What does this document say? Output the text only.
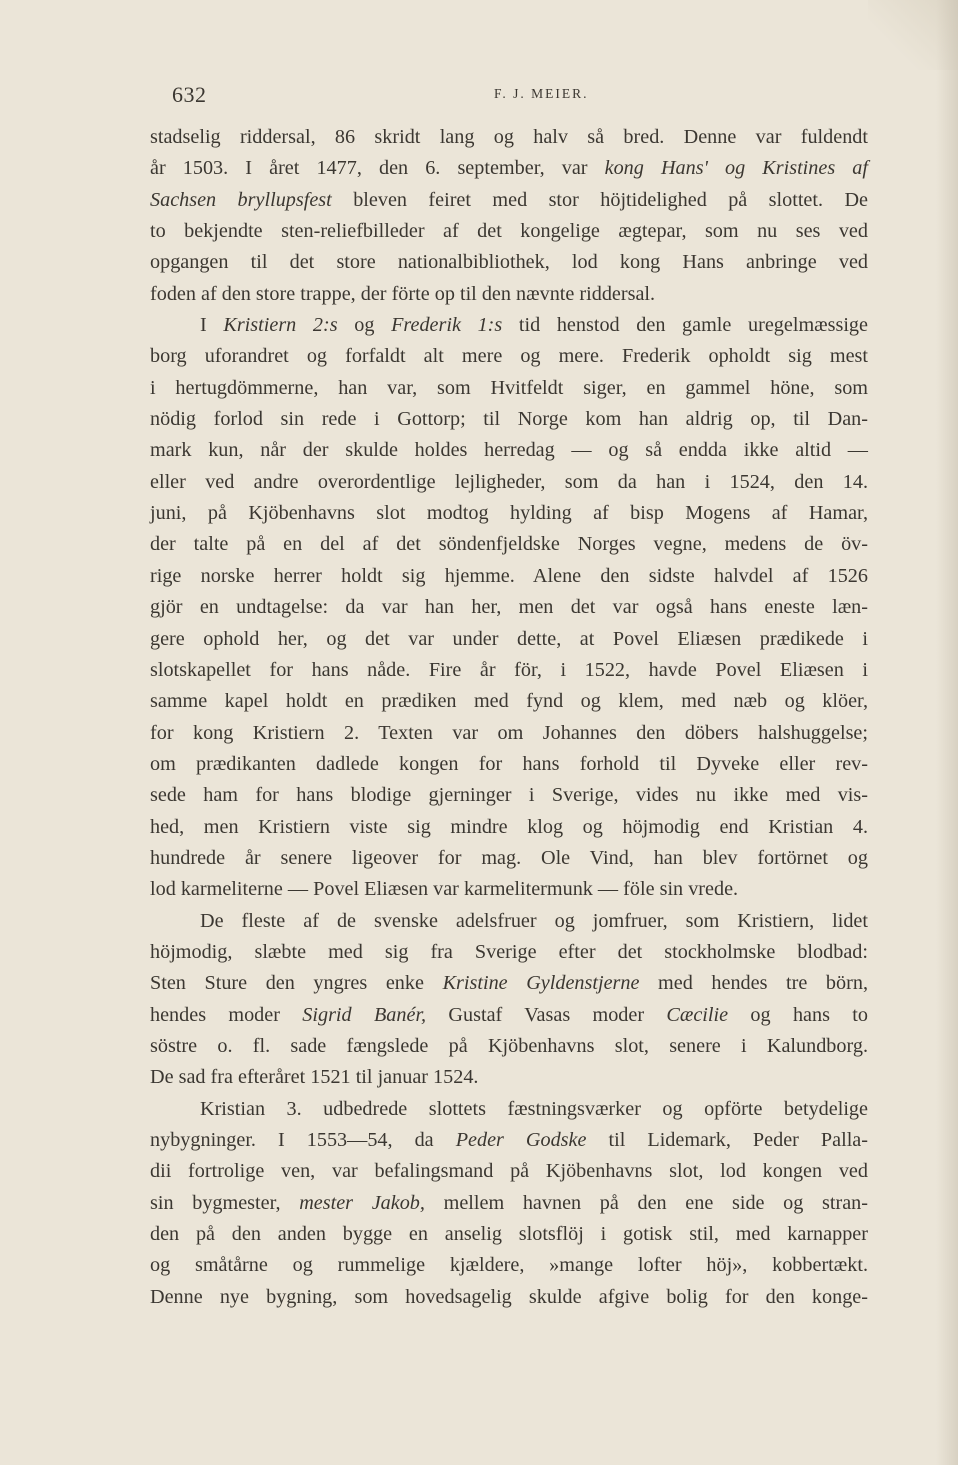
632	F. J. MEIER.
stadselig riddersal, 86 skridt lang og halv så bred. Denne var fuldendt
år 1503. I året 1477, den 6. september, var kong Hans' og Kristines af
Sachsen bryllupsfest bleven feiret med stor höjtidelighed på slottet. De
to bekjendte sten-reliefbilleder af det kongelige ægtepar, som nu ses ved
opgangen til det store nationalbibliothek, lod kong Hans anbringe ved
foden af den store trappe, der förte op til den nævnte riddersal.
I Kristiern 2:s og Frederik 1:s tid henstod den gamle uregelmæssige
borg uforandret og forfaldt alt mere og mere. Frederik opholdt sig mest
i hertugdömmerne, han var, som Hvitfeldt siger, en gammel höne, som
nödig forlod sin rede i Gottorp; til Norge kom han aldrig op, til Dan-
mark kun, når der skulde holdes herredag — og så endda ikke altid —
eller ved andre overordentlige lejligheder, som da han i 1524, den 14.
juni, på Kjöbenhavns slot modtog hylding af bisp Mogens af Hamar,
der talte på en del af det söndenfjeldske Norges vegne, medens de öv-
rige norske herrer holdt sig hjemme. Alene den sidste halvdel af 1526
gjör en undtagelse: da var han her, men det var også hans eneste læn-
gere ophold her, og det var under dette, at Povel Eliæsen prædikede i
slotskapellet for hans nåde. Fire år för, i 1522, havde Povel Eliæsen i
samme kapel holdt en prædiken med fynd og klem, med næb og klöer,
for kong Kristiern 2. Texten var om Johannes den döbers halshuggelse;
om prædikanten dadlede kongen for hans forhold til Dyveke eller rev-
sede ham for hans blodige gjerninger i Sverige, vides nu ikke med vis-
hed, men Kristiern viste sig mindre klog og höjmodig end Kristian 4.
hundrede år senere ligeover for mag. Ole Vind, han blev fortörnet og
lod karmeliterne — Povel Eliæsen var karmelitermunk — föle sin vrede.
De fleste af de svenske adelsfruer og jomfruer, som Kristiern, lidet
höjmodig, slæbte med sig fra Sverige efter det stockholmske blodbad:
Sten Sture den yngres enke Kristine Gyldenstjerne med hendes tre börn,
hendes moder Sigrid Banér, Gustaf Vasas moder Cæcilie og hans to
söstre o. fl. sade fængslede på Kjöbenhavns slot, senere i Kalundborg.
De sad fra efteråret 1521 til januar 1524.
Kristian 3. udbedrede slottets fæstningsværker og opförte betydelige
nybygninger. I 1553—54, da Peder Godske til Lidemark, Peder Palla-
dii fortrolige ven, var befalingsmand på Kjöbenhavns slot, lod kongen ved
sin bygmester, mester Jakob, mellem havnen på den ene side og stran-
den på den anden bygge en anselig slotsflöj i gotisk stil, med karnapper
og småtårne og rummelige kjældere, »mange lofter höj», kobbertækt.
Denne nye bygning, som hovedsagelig skulde afgive bolig for den konge-
